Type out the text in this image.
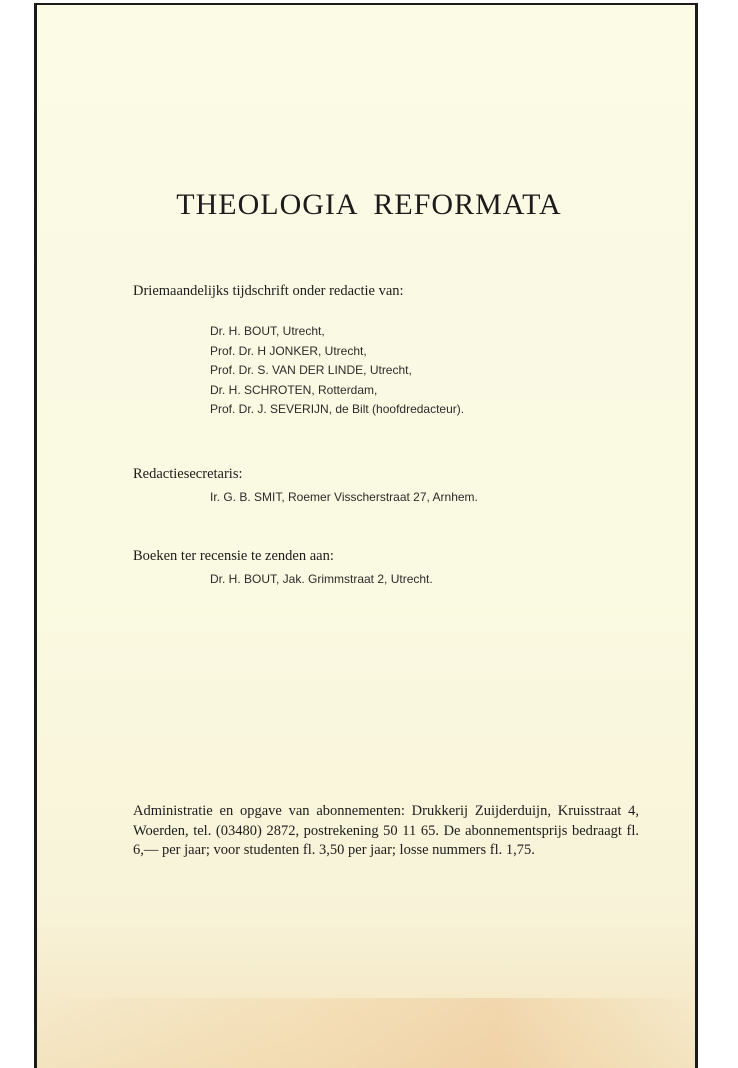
THEOLOGIA REFORMATA
Driemaandelijks tijdschrift onder redactie van:
Dr. H. BOUT, Utrecht,
Prof. Dr. H JONKER, Utrecht,
Prof. Dr. S. VAN DER LINDE, Utrecht,
Dr. H. SCHROTEN, Rotterdam,
Prof. Dr. J. SEVERIJN, de Bilt (hoofdredacteur).
Redactiesecretaris:
Ir. G. B. SMIT, Roemer Visscherstraat 27, Arnhem.
Boeken ter recensie te zenden aan:
Dr. H. BOUT, Jak. Grimmstraat 2, Utrecht.

Administratie en opgave van abonnementen: Drukkerij Zuijderduijn, Kruisstraat 4, Woerden, tel. (03480) 2872, postrekening 50 11 65. De abonnementsprijs bedraagt fl. 6,— per jaar; voor studenten fl. 3,50 per jaar; losse nummers fl. 1,75.
